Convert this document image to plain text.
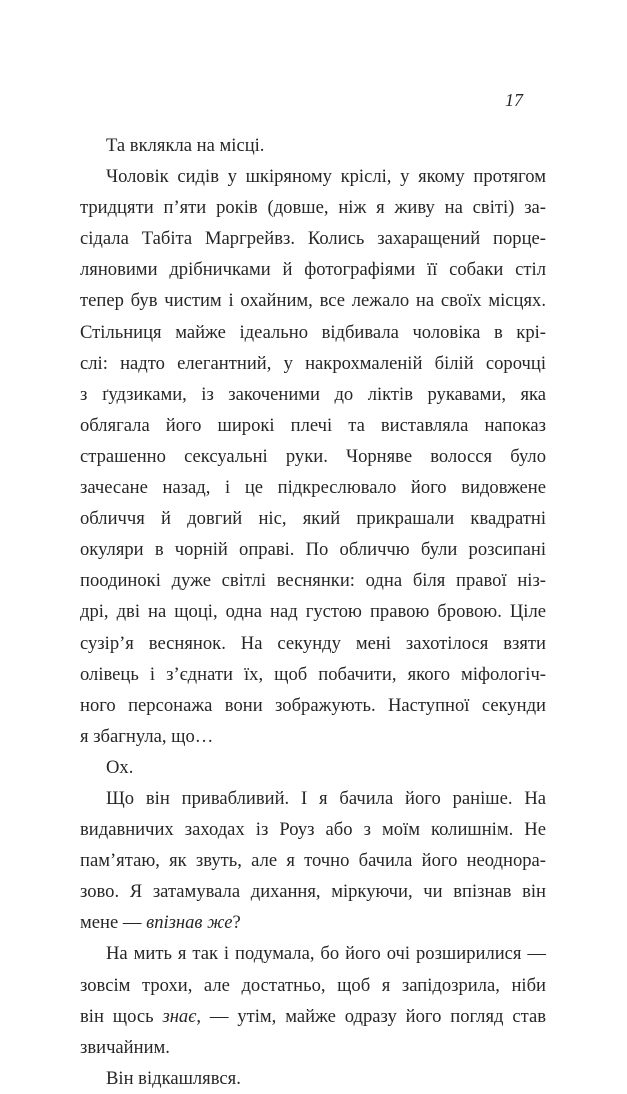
17
Та вклякла на місці.
Чоловік сидів у шкіряному кріслі, у якому протягом
тридцяти п’яти років (довше, ніж я живу на світі) за-
сідала Табіта Маргрейвз. Колись захаращений порце-
ляновими дрібничками й фотографіями її собаки стіл
тепер був чистим і охайним, все лежало на своїх місцях.
Стільниця майже ідеально відбивала чоловіка в крі-
слі: надто елегантний, у накрохмаленій білій сорочці
з ґудзиками, із закоченими до ліктів рукавами, яка
облягала його широкі плечі та виставляла напоказ
страшенно сексуальні руки. Чорняве волосся було
зачесане назад, і це підкреслювало його видовжене
обличчя й довгий ніс, який прикрашали квадратні
окуляри в чорній оправі. По обличчю були розсипані
поодинокі дуже світлі веснянки: одна біля правої ніз-
дрі, дві на щоці, одна над густою правою бровою. Ціле
сузір’я веснянок. На секунду мені захотілося взяти
олівець і з’єднати їх, щоб побачити, якого міфологіч-
ного персонажа вони зображують. Наступної секунди
я збагнула, що…
Ох.
Що він привабливий. І я бачила його раніше. На
видавничих заходах із Роуз або з моїм колишнім. Не
пам’ятаю, як звуть, але я точно бачила його неоднора-
зово. Я затамувала дихання, міркуючи, чи впізнав він
мене — впізнав же?
На мить я так і подумала, бо його очі розширилися —
зовсім трохи, але достатньо, щоб я запідозрила, ніби
він щось знає, — утім, майже одразу його погляд став
звичайним.
Він відкашлявся.
